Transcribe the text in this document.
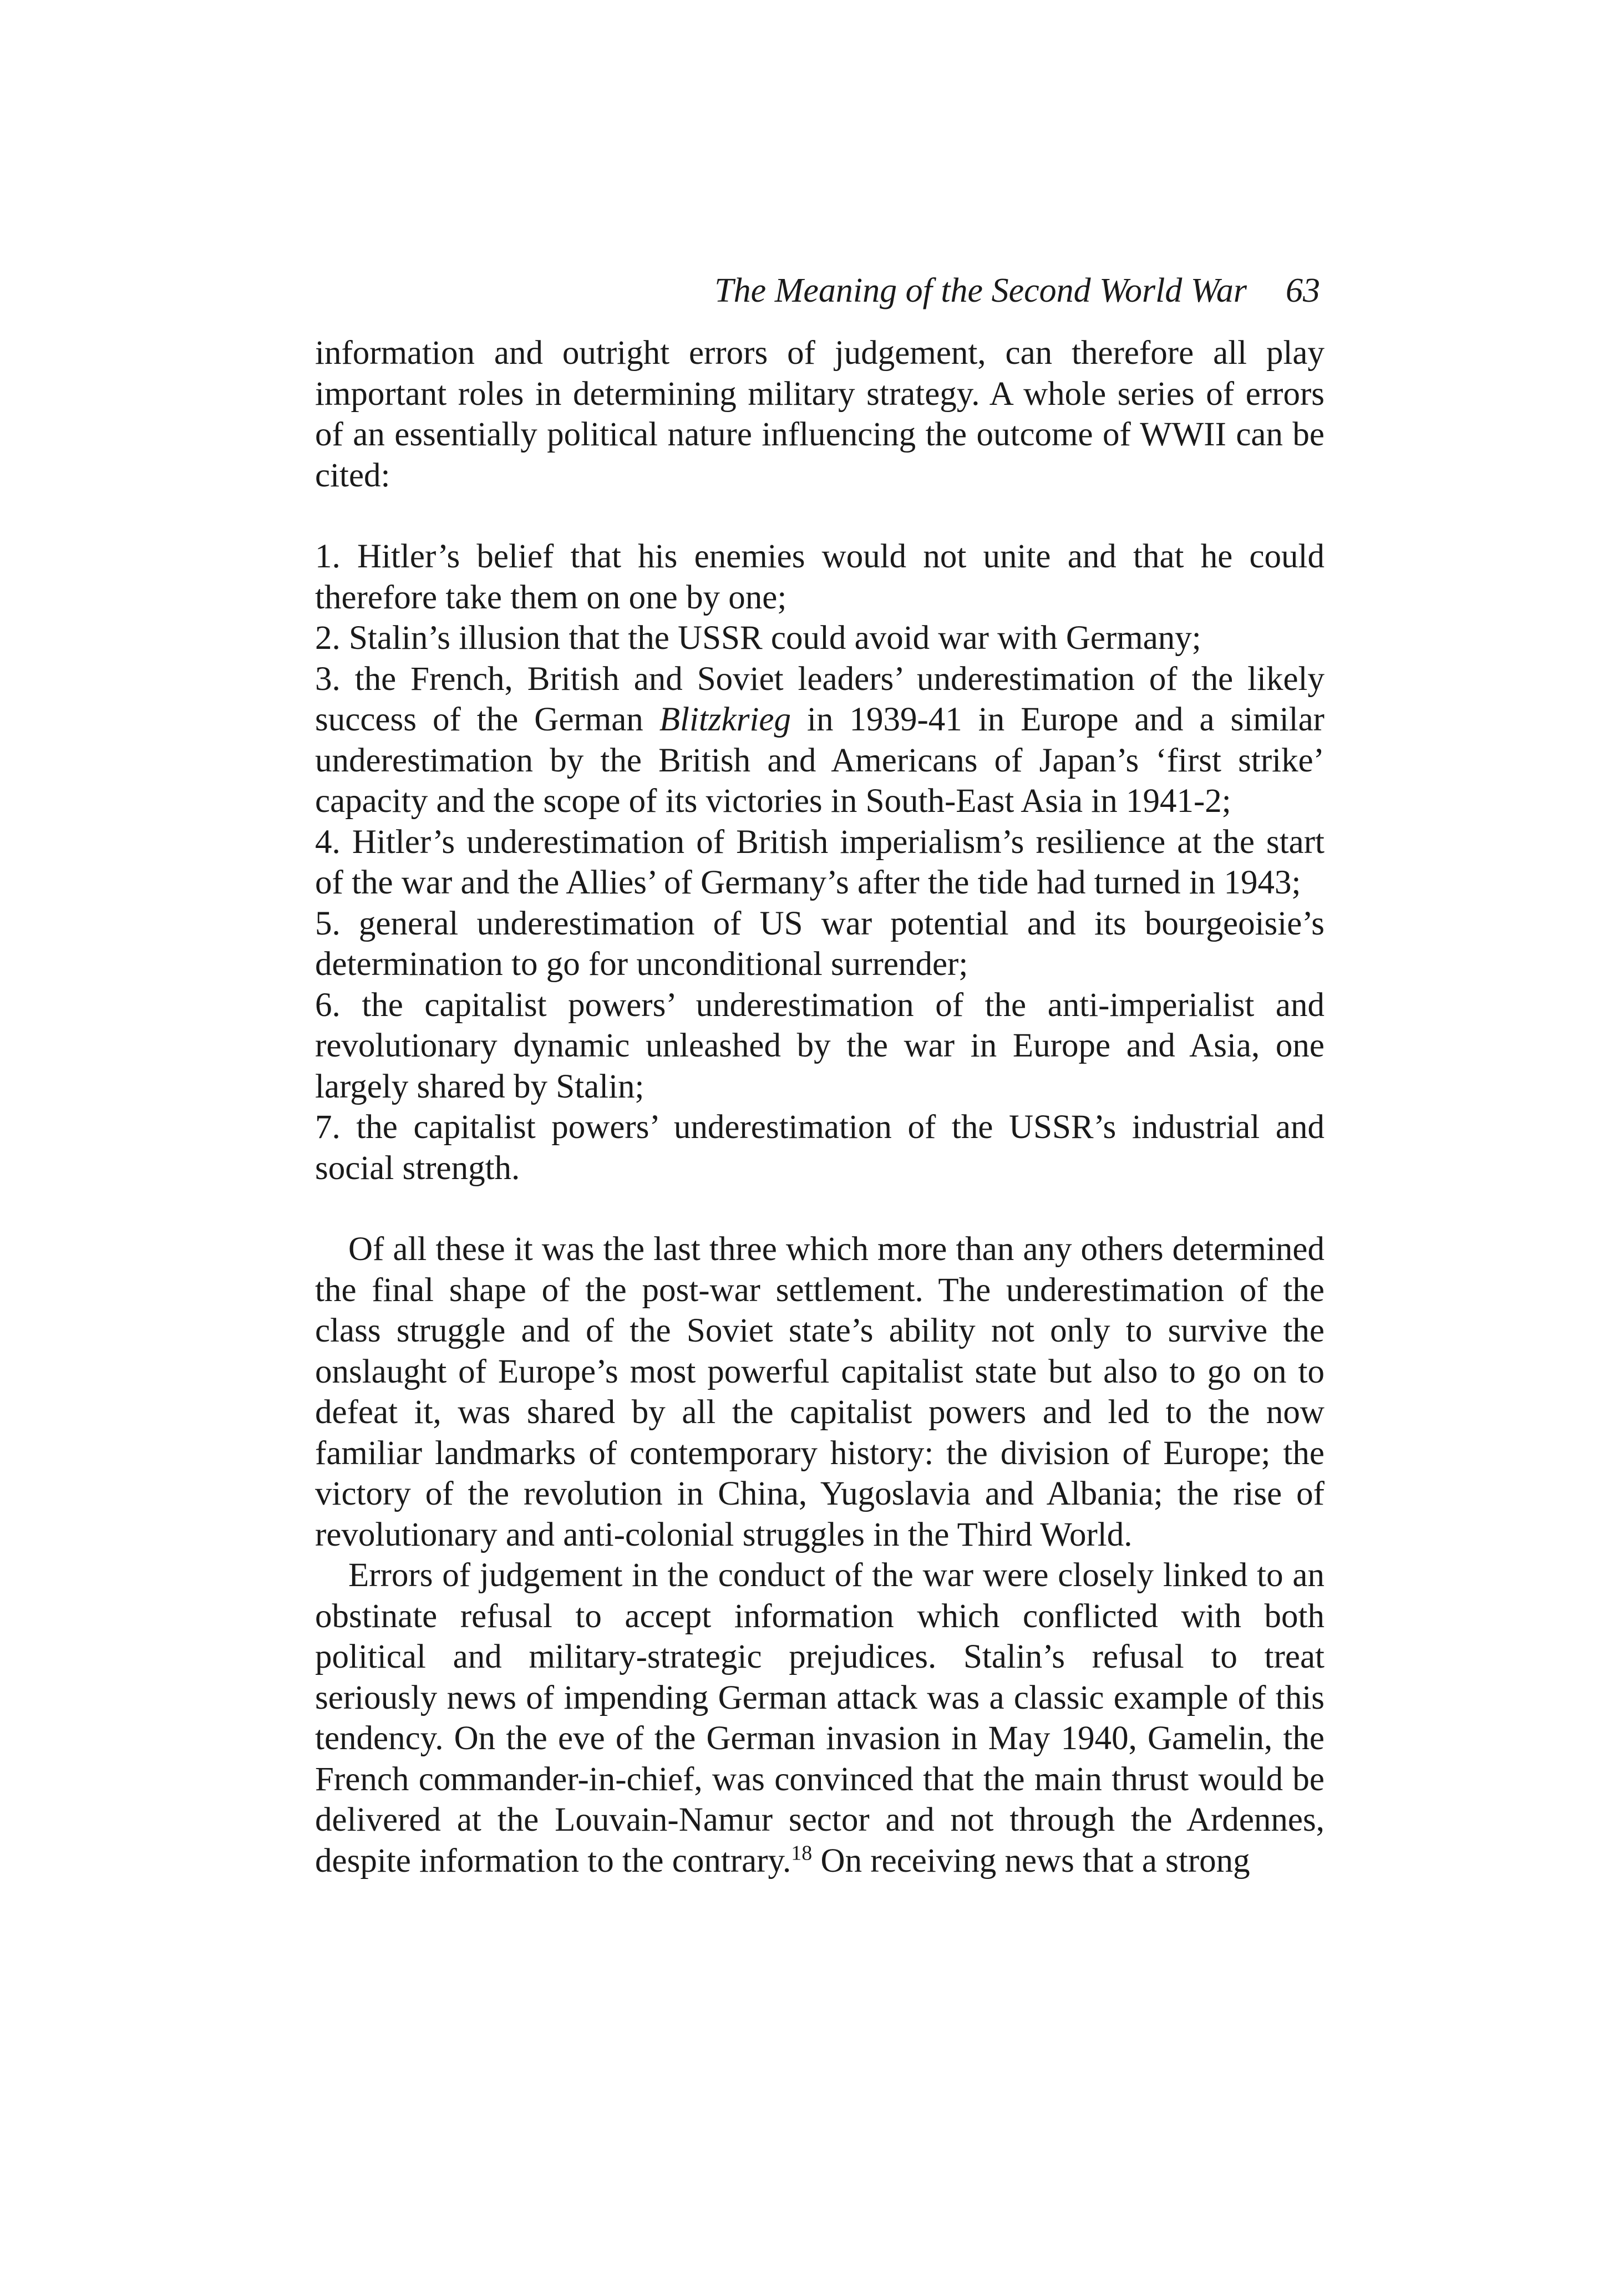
The Meaning of the Second World War 63

information and outright errors of judgement, can therefore all play important roles in determining military strategy. A whole series of errors of an essentially political nature influencing the outcome of WWII can be cited:

1. Hitler’s belief that his enemies would not unite and that he could therefore take them on one by one;

2. Stalin’s illusion that the USSR could avoid war with Germany;

3. the French, British and Soviet leaders’ underestimation of the likely success of the German Blitzkrieg in 1939-41 in Europe and a similar underestimation by the British and Americans of Japan’s ‘first strike’ capacity and the scope of its victories in South-East Asia in 1941-2;

4. Hitler’s underestimation of British imperialism’s resilience at the start of the war and the Allies’ of Germany’s after the tide had turned in 1943;

5. general underestimation of US war potential and its bourgeoisie’s determination to go for unconditional surrender;

6. the capitalist powers’ underestimation of the anti-imperialist and revolutionary dynamic unleashed by the war in Europe and Asia, one largely shared by Stalin;

7. the capitalist powers’ underestimation of the USSR’s industrial and social strength.

Of all these it was the last three which more than any others determined the final shape of the post-war settlement. The underestimation of the class struggle and of the Soviet state’s ability not only to survive the onslaught of Europe’s most powerful capitalist state but also to go on to defeat it, was shared by all the capitalist powers and led to the now familiar landmarks of contemporary history: the division of Europe; the victory of the revolution in China, Yugoslavia and Albania; the rise of revolutionary and anti-colonial struggles in the Third World.

Errors of judgement in the conduct of the war were closely linked to an obstinate refusal to accept information which conflicted with both political and military-strategic prejudices. Stalin’s refusal to treat seriously news of impending German attack was a classic example of this tendency. On the eve of the German invasion in May 1940, Gamelin, the French commander-in-chief, was convinced that the main thrust would be delivered at the Louvain-Namur sector and not through the Ardennes, despite information to the contrary.$^{18}$ On receiving news that a strong
